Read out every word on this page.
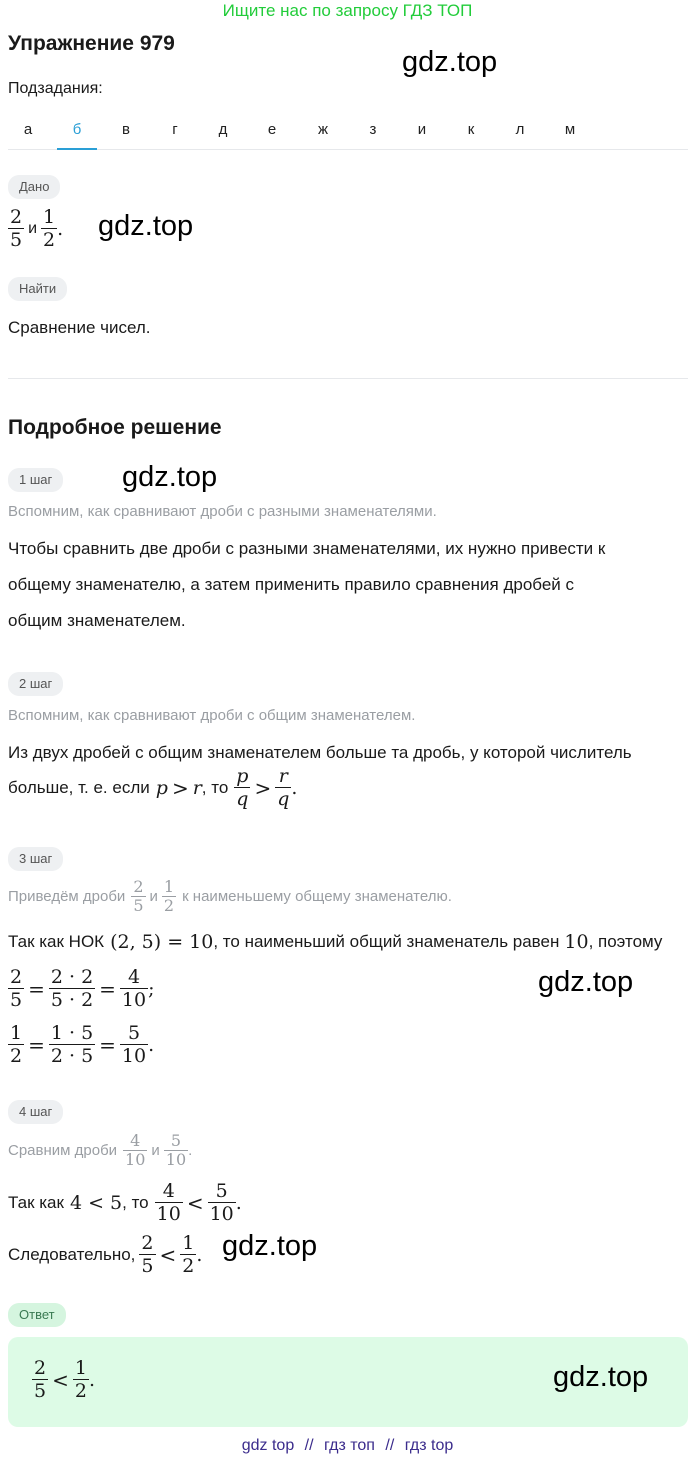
Ищите нас по запросу ГДЗ ТОП
Упражнение 979
gdz.top
Подзадания:
а	б	в	г	д	е	ж	з	и	к	л	м
Дано
$\frac{2}{5}$ и $\frac{1}{2}$ . gdz.top
Найти
Сравнение чисел.
Подробное решение
1 шаг	gdz.top
Вспомним, как сравнивают дроби с разными знаменателями.
Чтобы сравнить две дроби с разными знаменателями, их нужно привести к
общему знаменателю, а затем применить правило сравнения дробей с
общим знаменателем.
2 шаг
Вспомним, как сравнивают дроби с общим знаменателем.
Из двух дробей с общим знаменателем больше та дробь, у которой числитель
больше, т. е. если p > r , то $\frac{p}{q} > \frac{r}{q}$ .
3 шаг
Приведём дроби $\frac{2}{5}$ и $\frac{1}{2}$ к наименьшему общему знаменателю.
Так как НОК (2, 5) = 10 , то наименьший общий знаменатель равен 10 , поэтому
$\frac{2}{5} = \frac{2 \cdot 2}{5 \cdot 2} = \frac{4}{10}$ ;	gdz.top
$\frac{1}{2} = \frac{1 \cdot 5}{2 \cdot 5} = \frac{5}{10}$ .
4 шаг
Сравним дроби $\frac{4}{10}$ и $\frac{5}{10}$ .
Так как 4 < 5 , то $\frac{4}{10} < \frac{5}{10}$ .
Следовательно, $\frac{2}{5} < \frac{1}{2}$ . gdz.top
Ответ
$\frac{2}{5} < \frac{1}{2}$ .	gdz.top
gdz top // гдз топ // гдз top
